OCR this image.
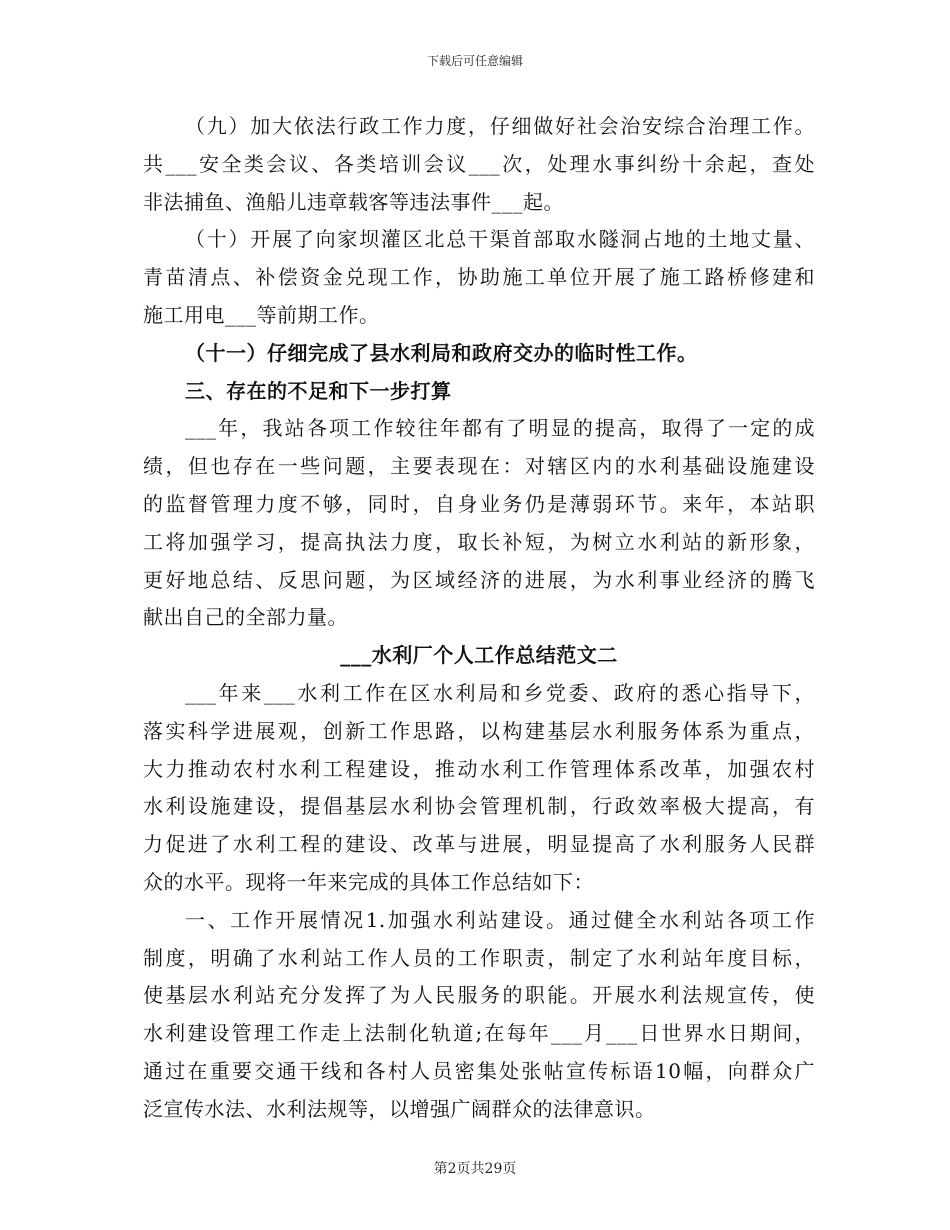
下载后可任意编辑
（九）加大依法行政工作力度，仔细做好社会治安综合治理工作。
共___安全类会议、各类培训会议___次，处理水事纠纷十余起，查处
非法捕鱼、渔船儿违章载客等违法事件___起。
（十）开展了向家坝灌区北总干渠首部取水隧洞占地的土地丈量、
青苗清点、补偿资金兑现工作，协助施工单位开展了施工路桥修建和
施工用电___等前期工作。
（十一）仔细完成了县水利局和政府交办的临时性工作。
三、存在的不足和下一步打算
___年，我站各项工作较往年都有了明显的提高，取得了一定的成
绩，但也存在一些问题，主要表现在：对辖区内的水利基础设施建设
的监督管理力度不够，同时，自身业务仍是薄弱环节。来年，本站职
工将加强学习，提高执法力度，取长补短，为树立水利站的新形象，
更好地总结、反思问题，为区域经济的进展，为水利事业经济的腾飞
献出自己的全部力量。
___水利厂个人工作总结范文二
___年来___水利工作在区水利局和乡党委、政府的悉心指导下，
落实科学进展观，创新工作思路，以构建基层水利服务体系为重点，
大力推动农村水利工程建设，推动水利工作管理体系改革，加强农村
水利设施建设，提倡基层水利协会管理机制，行政效率极大提高，有
力促进了水利工程的建设、改革与进展，明显提高了水利服务人民群
众的水平。现将一年来完成的具体工作总结如下：
一、工作开展情况1.加强水利站建设。通过健全水利站各项工作
制度，明确了水利站工作人员的工作职责，制定了水利站年度目标，
使基层水利站充分发挥了为人民服务的职能。开展水利法规宣传，使
水利建设管理工作走上法制化轨道;在每年___月___日世界水日期间，
通过在重要交通干线和各村人员密集处张帖宣传标语10幅，向群众广
泛宣传水法、水利法规等，以增强广阔群众的法律意识。
第2页共29页
